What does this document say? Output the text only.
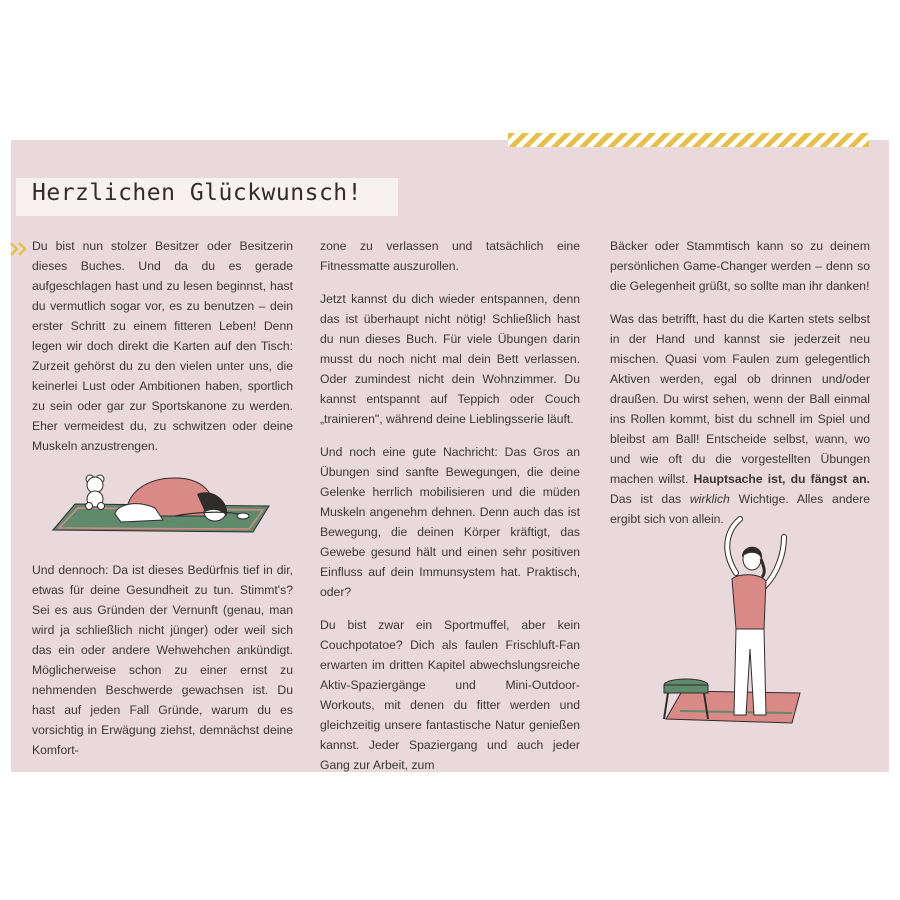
Herzlichen Glückwunsch!

Du bist nun stolzer Besitzer oder Besitzerin dieses Buches. Und da du es gerade aufgeschlagen hast und zu lesen beginnst, hast du vermutlich sogar vor, es zu benutzen – dein erster Schritt zu einem fitteren Leben! Denn legen wir doch direkt die Karten auf den Tisch: Zurzeit gehörst du zu den vielen unter uns, die keinerlei Lust oder Ambitionen haben, sportlich zu sein oder gar zur Sportskanone zu werden. Eher vermeidest du, zu schwitzen oder deine Muskeln anzustrengen.

Und dennoch: Da ist dieses Bedürfnis tief in dir, etwas für deine Gesundheit zu tun. Stimmt's? Sei es aus Gründen der Vernunft (genau, man wird ja schließlich nicht jünger) oder weil sich das ein oder andere Wehwehchen ankündigt. Möglicherweise schon zu einer ernst zu nehmenden Beschwerde gewachsen ist. Du hast auf jeden Fall Gründe, warum du es vorsichtig in Erwägung ziehst, demnächst deine Komfort-

zone zu verlassen und tatsächlich eine Fitnessmatte auszurollen.

Jetzt kannst du dich wieder entspannen, denn das ist überhaupt nicht nötig! Schließlich hast du nun dieses Buch. Für viele Übungen darin musst du noch nicht mal dein Bett verlassen. Oder zumindest nicht dein Wohnzimmer. Du kannst entspannt auf Teppich oder Couch „trainieren", während deine Lieblingsserie läuft.

Und noch eine gute Nachricht: Das Gros an Übungen sind sanfte Bewegungen, die deine Gelenke herrlich mobilisieren und die müden Muskeln angenehm dehnen. Denn auch das ist Bewegung, die deinen Körper kräftigt, das Gewebe gesund hält und einen sehr positiven Einfluss auf dein Immunsystem hat. Praktisch, oder?

Du bist zwar ein Sportmuffel, aber kein Couchpotatoe? Dich als faulen Frischluft-Fan erwarten im dritten Kapitel abwechslungsreiche Aktiv-Spaziergänge und Mini-Outdoor-Workouts, mit denen du fitter werden und gleichzeitig unsere fantastische Natur genießen kannst. Jeder Spaziergang und auch jeder Gang zur Arbeit, zum

Bäcker oder Stammtisch kann so zu deinem persönlichen Game-Changer werden – denn so die Gelegenheit grüßt, so sollte man ihr danken!

Was das betrifft, hast du die Karten stets selbst in der Hand und kannst sie jederzeit neu mischen. Quasi vom Faulen zum gelegentlich Aktiven werden, egal ob drinnen und/oder draußen. Du wirst sehen, wenn der Ball einmal ins Rollen kommt, bist du schnell im Spiel und bleibst am Ball! Entscheide selbst, wann, wo und wie oft du die vorgestellten Übungen machen willst. Hauptsache ist, du fängst an. Das ist das wirklich Wichtige. Alles andere ergibt sich von allein.
